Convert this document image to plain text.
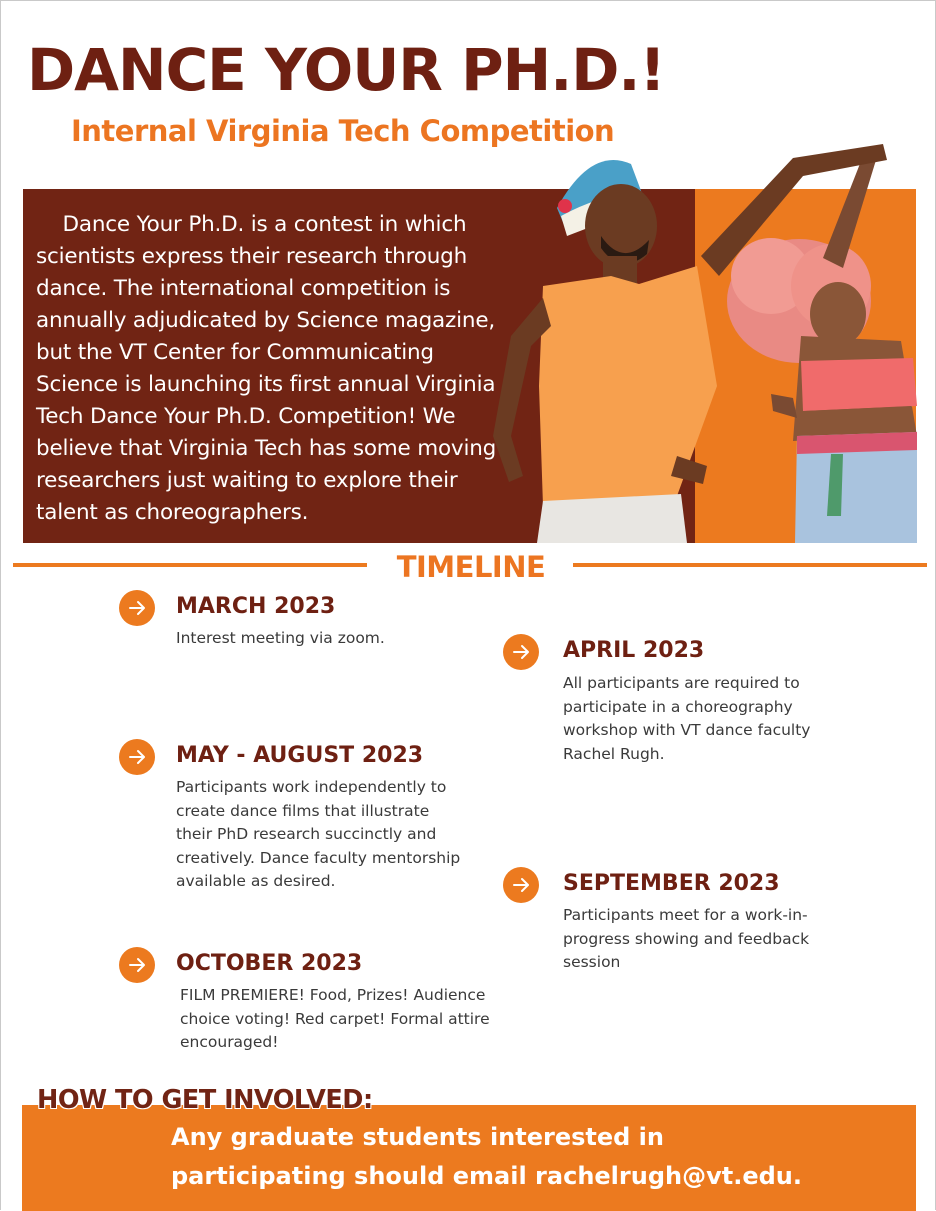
DANCE YOUR PH.D.!
Internal Virginia Tech Competition
Dance Your Ph.D. is a contest in which scientists express their research through dance. The international competition is annually adjudicated by Science magazine, but the VT Center for Communicating Science is launching its first annual Virginia Tech Dance Your Ph.D. Competition! We believe that Virginia Tech has some moving researchers just waiting to explore their talent as choreographers.
TIMELINE
MARCH 2023
Interest meeting via zoom.	APRIL 2023
All participants are required to participate in a choreography workshop with VT dance faculty Rachel Rugh.
MAY - AUGUST 2023
Participants work independently to create dance films that illustrate their PhD research succinctly and creatively. Dance faculty mentorship available as desired.	SEPTEMBER 2023
Participants meet for a work-in-progress showing and feedback session
OCTOBER 2023
FILM PREMIERE! Food, Prizes! Audience choice voting! Red carpet! Formal attire encouraged!
HOW TO GET INVOLVED:
Any graduate students interested in
participating should email rachelrugh@vt.edu.
